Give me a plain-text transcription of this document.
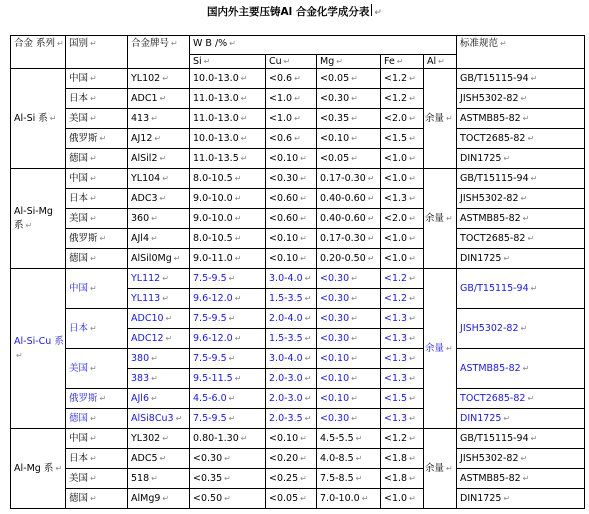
国内外主要压铸Al 合金化学成分表 ↵
合金 系列 ↵	国别 ↵	合金牌号 ↵	W B /% ↵					标准规范 ↵
			Si ↵	Cu ↵	Mg ↵	Fe ↵	Al ↵	
Al-Si 系 ↵	中国 ↵	YL102 ↵	10.0-13.0 ↵	<0.6 ↵	<0.05 ↵	<1.2 ↵	余量 ↵	GB/T15115-94 ↵
	日本 ↵	ADC1 ↵	11.0-13.0 ↵	<1.0 ↵	<0.30 ↵	<1.2 ↵		JISH5302-82 ↵
	美国 ↵	413 ↵	11.0-13.0 ↵	<1.0 ↵	<0.35 ↵	<2.0 ↵		ASTMB85-82 ↵
	俄罗斯 ↵	AJ12 ↵	10.0-13.0 ↵	<0.6 ↵	<0.10 ↵	<1.5 ↵		TOCT2685-82 ↵
	德国 ↵	AlSil2 ↵	11.0-13.5 ↵	<0.10 ↵	<0.05 ↵	<1.0 ↵		DIN1725 ↵
Al-Si-Mg 系 ↵	中国 ↵	YL104 ↵	8.0-10.5 ↵	<0.30 ↵	0.17-0.30 ↵	<1.0 ↵	余量 ↵	GB/T15115-94 ↵
	日本 ↵	ADC3 ↵	9.0-10.0 ↵	<0.60 ↵	0.40-0.60 ↵	<1.3 ↵		JISH5302-82 ↵
	美国 ↵	360 ↵	9.0-10.0 ↵	<0.60 ↵	0.40-0.60 ↵	<2.0 ↵		ASTMB85-82 ↵
	俄罗斯 ↵	AJl4 ↵	8.0-10.5 ↵	<0.10 ↵	0.17-0.30 ↵	<1.0 ↵		TOCT2685-82 ↵
	德国 ↵	AlSil0Mg ↵	9.0-11.0 ↵	<0.10 ↵	0.20-0.50 ↵	<1.0 ↵		DIN1725 ↵
Al-Si-Cu 系↵	中国 ↵	YL112 ↵	7.5-9.5 ↵	3.0-4.0 ↵	<0.30 ↵	<1.2 ↵	余量 ↵	GB/T15115-94 ↵
		YL113 ↵	9.6-12.0 ↵	1.5-3.5 ↵	<0.30 ↵	<1.2 ↵		
	日本 ↵	ADC10 ↵	7.5-9.5 ↵	2.0-4.0 ↵	<0.30 ↵	<1.3 ↵		JISH5302-82 ↵
		ADC12 ↵	9.6-12.0 ↵	1.5-3.5 ↵	<0.30 ↵	<1.3 ↵		
	美国 ↵	380 ↵	7.5-9.5 ↵	3.0-4.0 ↵	<0.10 ↵	<1.3 ↵		ASTMB85-82 ↵
		383 ↵	9.5-11.5 ↵	2.0-3.0 ↵	<0.10 ↵	<1.3 ↵		
	俄罗斯 ↵	AJl6 ↵	4.5-6.0 ↵	2.0-3.0 ↵	<0.10 ↵	<1.5 ↵		TOCT2685-82 ↵
	德国 ↵	AlSi8Cu3 ↵	7.5-9.5 ↵	2.0-3.5 ↵	<0.30 ↵	<1.3 ↵		DIN1725 ↵
Al-Mg 系 ↵	中国 ↵	YL302 ↵	0.80-1.30 ↵	<0.10 ↵	4.5-5.5 ↵	<1.2 ↵	余量 ↵	GB/T15115-94 ↵
	日本 ↵	ADC5 ↵	<0.30 ↵	<0.20 ↵	4.0-8.5 ↵	<1.8 ↵		JISH5302-82 ↵
	美国 ↵	518 ↵	<0.35 ↵	<0.25 ↵	7.5-8.5 ↵	<1.8 ↵		ASTMB85-82 ↵
	德国 ↵	AlMg9 ↵	<0.50 ↵	<0.05 ↵	7.0-10.0 ↵	<1.0 ↵		DIN1725 ↵
